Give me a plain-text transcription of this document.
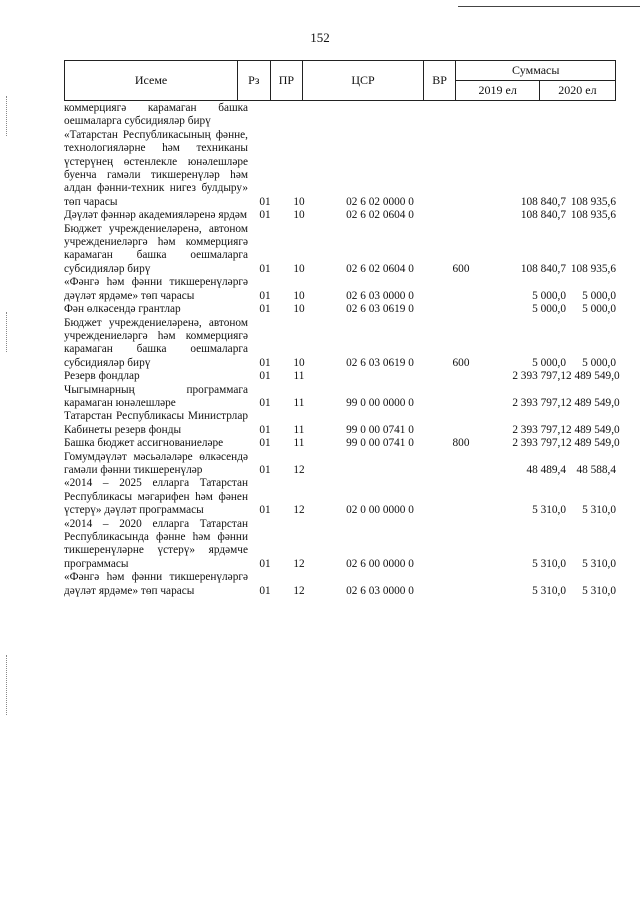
152
Исеме	Рз	ПР	ЦСР	ВР	Суммасы	
					2019 ел	2020 ел
коммерциягә карамаган башка оешмаларга субсидияләр бирү						
«Татарстан Республикасының фәнне, технологияләрне һәм техниканы үстерүнең өстенлекле юнәлешләре буенча гамәли тикшеренүләр һәм алдан фәнни-техник нигез булдыру» төп чарасы	01	10	02 6 02 0000 0		108 840,7	108 935,6
Дәүләт фәннәр академияләренә ярдәм	01	10	02 6 02 0604 0		108 840,7	108 935,6
Бюджет учреждениеләренә, автоном учреждениеләргә һәм коммерциягә карамаган башка оешмаларга субсидияләр бирү	01	10	02 6 02 0604 0	600	108 840,7	108 935,6
«Фәнгә һәм фәнни тикшеренүләргә дәүләт ярдәме» төп чарасы	01	10	02 6 03 0000 0		5 000,0	5 000,0
Фән өлкәсендә грантлар	01	10	02 6 03 0619 0		5 000,0	5 000,0
Бюджет учреждениеләренә, автоном учреждениеләргә һәм коммерциягә карамаган башка оешмаларга субсидияләр бирү	01	10	02 6 03 0619 0	600	5 000,0	5 000,0
Резерв фондлар	01	11			2 393 797,1	2 489 549,0
Чыгымнарның программага карамаган юнәлешләре	01	11	99 0 00 0000 0		2 393 797,1	2 489 549,0
Татарстан Республикасы Министрлар Кабинеты резерв фонды	01	11	99 0 00 0741 0		2 393 797,1	2 489 549,0
Башка бюджет ассигнованиеләре	01	11	99 0 00 0741 0	800	2 393 797,1	2 489 549,0
Гомумдәүләт мәсьәләләре өлкәсендә гамәли фәнни тикшеренүләр	01	12			48 489,4	48 588,4
«2014 – 2025 елларга Татарстан Республикасы мәгарифен һәм фәнен үстерү» дәүләт программасы	01	12	02 0 00 0000 0		5 310,0	5 310,0
«2014 – 2020 елларга Татарстан Республикасында фәнне һәм фәнни тикшеренүләрне үстерү» ярдәмче программасы	01	12	02 6 00 0000 0		5 310,0	5 310,0
«Фәнгә һәм фәнни тикшеренүләргә дәүләт ярдәме» төп чарасы	01	12	02 6 03 0000 0		5 310,0	5 310,0
